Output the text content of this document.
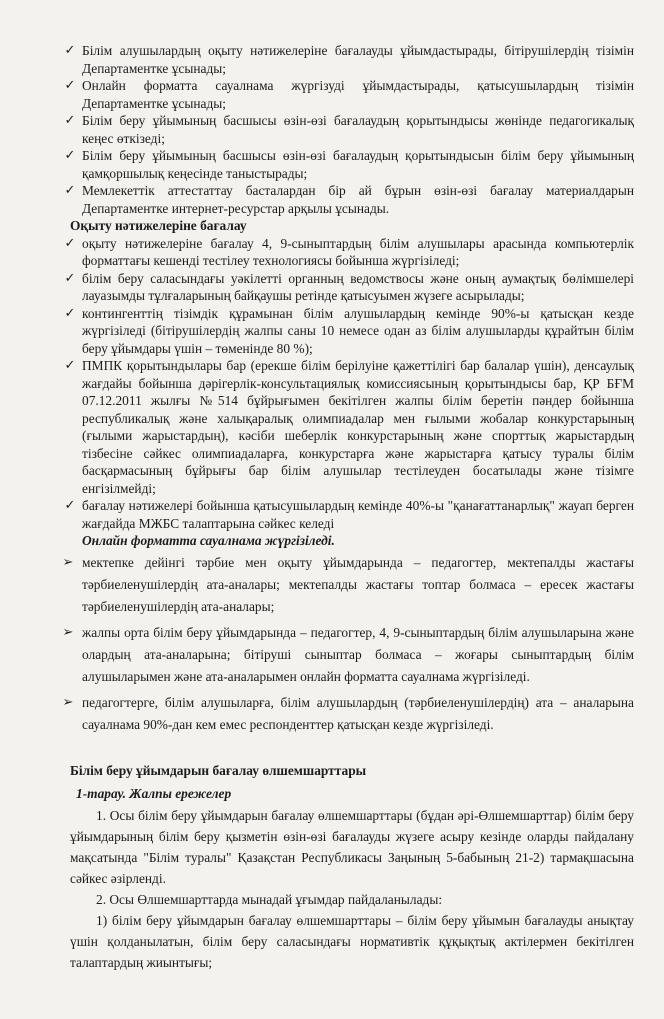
✓ Білім алушылардың оқыту нәтижелеріне бағалауды ұйымдастырады, бітірушілердің тізімін Департаментке ұсынады;

✓ Онлайн форматта сауалнама жүргізуді ұйымдастырады, қатысушылардың тізімін Департаментке ұсынады;

✓ Білім беру ұйымының басшысы өзін-өзі бағалаудың қорытындысы жөнінде педагогикалық кеңес өткізеді;

✓ Білім беру ұйымының басшысы өзін-өзі бағалаудың қорытындысын білім беру ұйымының қамқоршылық кеңесінде таныстырады;

✓ Мемлекеттік аттестаттау басталардан бір ай бұрын өзін-өзі бағалау материалдарын Департаментке интернет-ресурстар арқылы ұсынады.

Оқыту нәтижелеріне бағалау

✓ оқыту нәтижелеріне бағалау 4, 9-сыныптардың білім алушылары арасында компьютерлік форматтағы кешенді тестілеу технологиясы бойынша жүргізіледі;

✓ білім беру саласындағы уәкілетті органның ведомствосы және оның аумақтық бөлімшелері лауазымды тұлғаларының байқаушы ретінде қатысуымен жүзеге асырылады;

✓ контингенттің тізімдік құрамынан білім алушылардың кемінде 90%-ы қатысқан кезде жүргізіледі (бітірушілердің жалпы саны 10 немесе одан аз білім алушыларды құрайтын білім беру ұйымдары үшін – төменінде 80 %);

✓ ПМПК қорытындылары бар (ерекше білім берілуіне қажеттілігі бар балалар үшін), денсаулық жағдайы бойынша дәрігерлік-консультациялық комиссиясының қорытындысы бар, ҚР БҒМ 07.12.2011 жылғы №514 бұйрығымен бекітілген жалпы білім беретін пәндер бойынша республикалық және халықаралық олимпиадалар мен ғылыми жобалар конкурстарының (ғылыми жарыстардың), кәсіби шеберлік конкурстарының және спорттық жарыстардың тізбесіне сәйкес олимпиадаларға, конкурстарға және жарыстарға қатысу туралы білім басқармасының бұйрығы бар білім алушылар тестілеуден босатылады және тізімге енгізілмейді;

✓ бағалау нәтижелері бойынша қатысушылардың кемінде 40%-ы "қанағаттанарлық" жауап берген жағдайда МЖБС талаптарына сәйкес келеді

Онлайн форматта сауалнама жүргізіледі.

➢ мектепке дейінгі тәрбие мен оқыту ұйымдарында – педагогтер, мектепалды жастағы тәрбиеленушілердің ата-аналары; мектепалды жастағы топтар болмаса – ересек жастағы тәрбиеленушілердің ата-аналары;

➢ жалпы орта білім беру ұйымдарында – педагогтер, 4, 9-сыныптардың білім алушыларына және олардың ата-аналарына; бітіруші сыныптар болмаса – жоғары сыныптардың білім алушыларымен және ата-аналарымен онлайн форматта сауалнама жүргізіледі.

➢ педагогтерге, білім алушыларға, білім алушылардың (тәрбиеленушілердің) ата – аналарына сауалнама 90%-дан кем емес респонденттер қатысқан кезде жүргізіледі.

Білім беру ұйымдарын бағалау өлшемшарттары

1-тарау. Жалпы ережелер

1. Осы білім беру ұйымдарын бағалау өлшемшарттары (бұдан әрі-Өлшемшарттар) білім беру ұйымдарының білім беру қызметін өзін-өзі бағалауды жүзеге асыру кезінде оларды пайдалану мақсатында "Білім туралы" Қазақстан Республикасы Заңының 5-бабының 21-2) тармақшасына сәйкес әзірленді.

2. Осы Өлшемшарттарда мынадай ұғымдар пайдаланылады:

1) білім беру ұйымдарын бағалау өлшемшарттары – білім беру ұйымын бағалауды анықтау үшін қолданылатын, білім беру саласындағы нормативтік құқықтық актілермен бекітілген талаптардың жиынтығы;
